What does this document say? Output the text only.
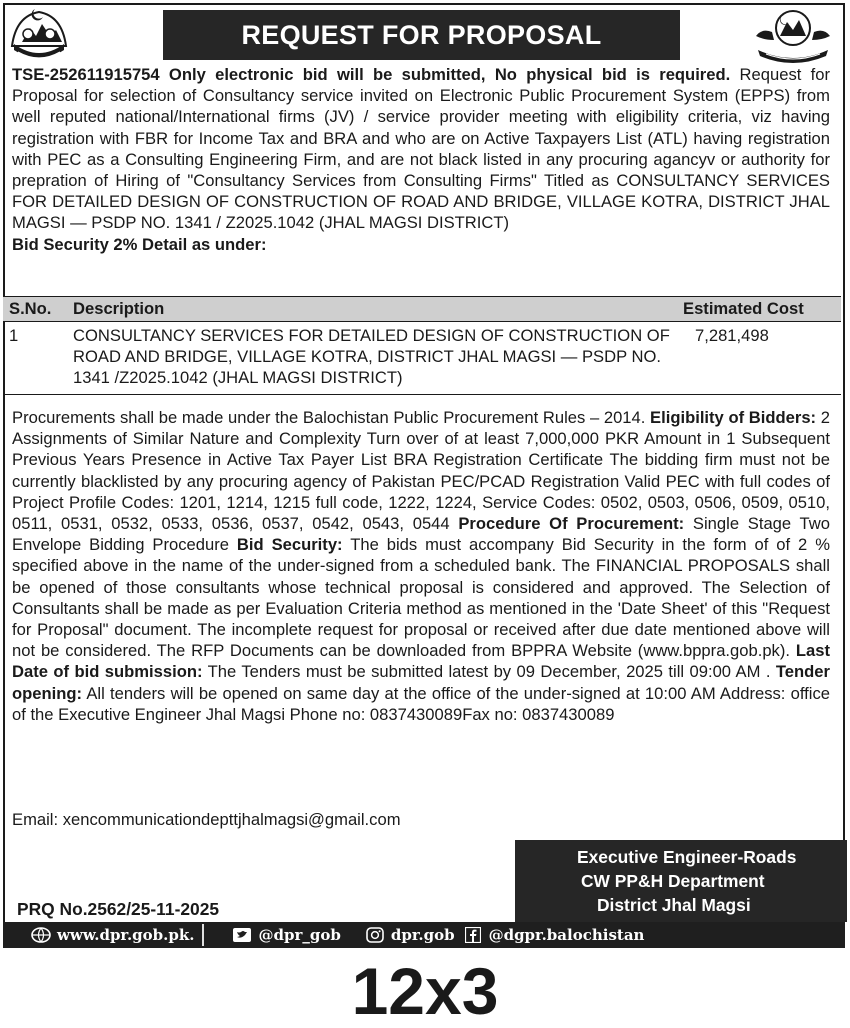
REQUEST FOR PROPOSAL

TSE-252611915754 Only electronic bid will be submitted, No physical bid is required. Request for Proposal for selection of Consultancy service invited on Electronic Public Procurement System (EPPS) from well reputed national/International firms (JV) / service provider meeting with eligibility criteria, viz having registration with FBR for Income Tax and BRA and who are on Active Taxpayers List (ATL) having registration with PEC as a Consulting Engineering Firm, and are not black listed in any procuring agancyv or authority for prepration of Hiring of "Consultancy Services from Consulting Firms" Titled as CONSULTANCY SERVICES FOR DETAILED DESIGN OF CONSTRUCTION OF ROAD AND BRIDGE, VILLAGE KOTRA, DISTRICT JHAL MAGSI — PSDP NO. 1341 / Z2025.1042 (JHAL MAGSI DISTRICT)
Bid Security 2% Detail as under:

S.No.	Description	Estimated Cost
1	CONSULTANCY SERVICES FOR DETAILED DESIGN OF CONSTRUCTION OF ROAD AND BRIDGE, VILLAGE KOTRA, DISTRICT JHAL MAGSI — PSDP NO. 1341 /Z2025.1042 (JHAL MAGSI DISTRICT)	7,281,498

Procurements shall be made under the Balochistan Public Procurement Rules – 2014. Eligibility of Bidders: 2 Assignments of Similar Nature and Complexity Turn over of at least 7,000,000 PKR Amount in 1 Subsequent Previous Years Presence in Active Tax Payer List BRA Registration Certificate The bidding firm must not be currently blacklisted by any procuring agency of Pakistan PEC/PCAD Registration Valid PEC with full codes of Project Profile Codes: 1201, 1214, 1215 full code, 1222, 1224, Service Codes: 0502, 0503, 0506, 0509, 0510, 0511, 0531, 0532, 0533, 0536, 0537, 0542, 0543, 0544 Procedure Of Procurement: Single Stage Two Envelope Bidding Procedure Bid Security: The bids must accompany Bid Security in the form of of 2 % specified above in the name of the under-signed from a scheduled bank. The FINANCIAL PROPOSALS shall be opened of those consultants whose technical proposal is considered and approved. The Selection of Consultants shall be made as per Evaluation Criteria method as mentioned in the 'Date Sheet' of this "Request for Proposal" document. The incomplete request for proposal or received after due date mentioned above will not be considered. The RFP Documents can be downloaded from BPPRA Website (www.bppra.gob.pk). Last Date of bid submission: The Tenders must be submitted latest by 09 December, 2025 till 09:00 AM . Tender opening: All tenders will be opened on same day at the office of the under-signed at 10:00 AM Address: office of the Executive Engineer Jhal Magsi Phone no: 0837430089Fax no: 0837430089

Email: xencommunicationdepttjhalmagsi@gmail.com

Executive Engineer-Roads
CW PP&H Department
District Jhal Magsi

PRQ No.2562/25-11-2025

www.dpr.gob.pk.	@dpr_gob	dpr.gob @dgpr.balochistan
12x3
